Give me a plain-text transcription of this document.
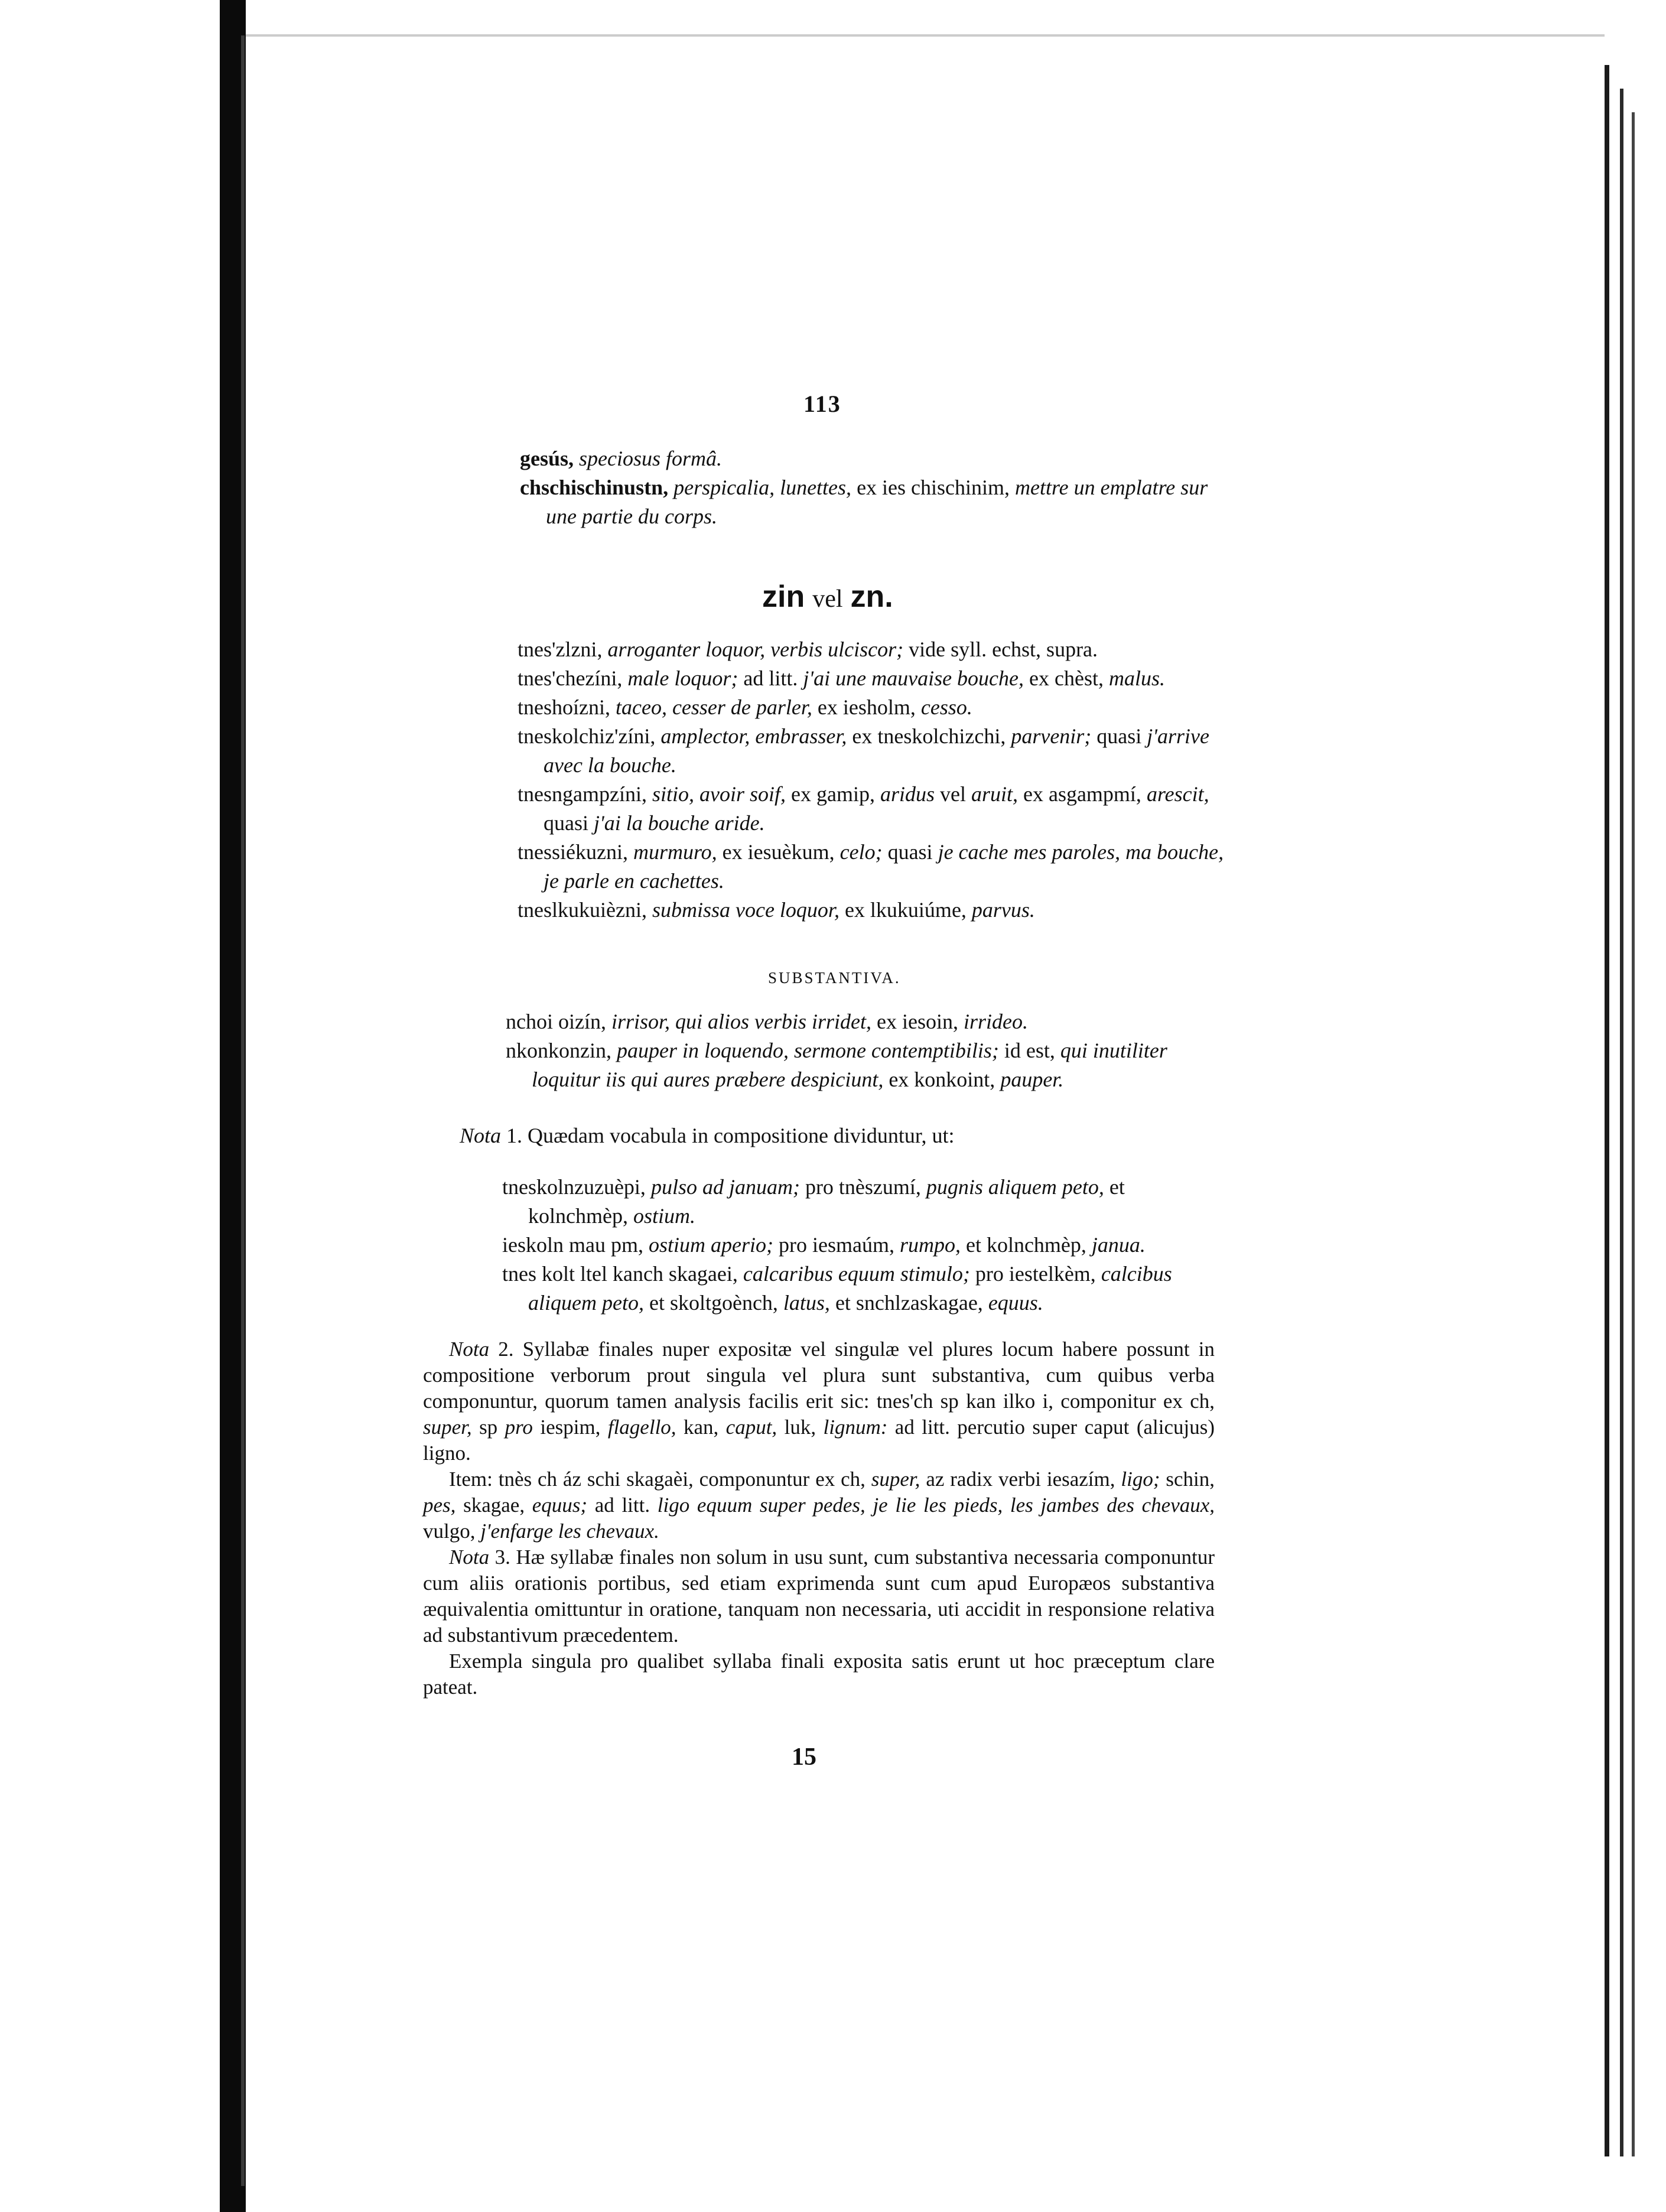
113

gesús, speciosus formâ.

chschischinustn, perspicalia, lunettes, ex ies chischinim, mettre un emplatre sur une partie du corps.

zin vel zn.

tnes'zlzni, arroganter loquor, verbis ulciscor; vide syll. echst, supra.

tnes'chezíni, male loquor; ad litt. j'ai une mauvaise bouche, ex chèst, malus.

tneshoízni, taceo, cesser de parler, ex iesholm, cesso.

tneskolchiz'zíni, amplector, embrasser, ex tneskolchizchi, parvenir; quasi j'arrive avec la bouche.

tnesngampzíni, sitio, avoir soif, ex gamip, aridus vel aruit, ex asgampmí, arescit, quasi j'ai la bouche aride.

tnessiékuzni, murmuro, ex iesuèkum, celo; quasi je cache mes paroles, ma bouche, je parle en cachettes.

tneslkukuièzni, submissa voce loquor, ex lkukuiúme, parvus.

SUBSTANTIVA.

nchoi oizín, irrisor, qui alios verbis irridet, ex iesoin, irrideo.

nkonkonzin, pauper in loquendo, sermone contemptibilis; id est, qui inutiliter loquitur iis qui aures præbere despiciunt, ex konkoint, pauper.

Nota 1. Quædam vocabula in compositione dividuntur, ut:

tneskolnzuzuèpi, pulso ad januam; pro tnèszumí, pugnis aliquem peto, et kolnchmèp, ostium.

ieskoln mau pm, ostium aperio; pro iesmaúm, rumpo, et kolnchmèp, janua.

tnes kolt ltel kanch skagaei, calcaribus equum stimulo; pro iestelkèm, calcibus aliquem peto, et skoltgoènch, latus, et snchlzaskagae, equus.

Nota 2. Syllabæ finales nuper expositæ vel singulæ vel plures locum habere possunt in compositione verborum prout singula vel plura sunt substantiva, cum quibus verba componuntur, quorum tamen analysis facilis erit sic: tnes'ch sp kan ilko i, componitur ex ch, super, sp pro iespim, flagello, kan, caput, luk, lignum: ad litt. percutio super caput (alicujus) ligno.

Item: tnès ch áz schi skagaèi, componuntur ex ch, super, az radix verbi iesazím, ligo; schin, pes, skagae, equus; ad litt. ligo equum super pedes, je lie les pieds, les jambes des chevaux, vulgo, j'enfarge les chevaux.

Nota 3. Hæ syllabæ finales non solum in usu sunt, cum substantiva necessaria componuntur cum aliis orationis portibus, sed etiam exprimenda sunt cum apud Europæos substantiva æquivalentia omittuntur in oratione, tanquam non necessaria, uti accidit in responsione relativa ad substantivum præcedentem.

Exempla singula pro qualibet syllaba finali exposita satis erunt ut hoc præceptum clare pateat.

15
